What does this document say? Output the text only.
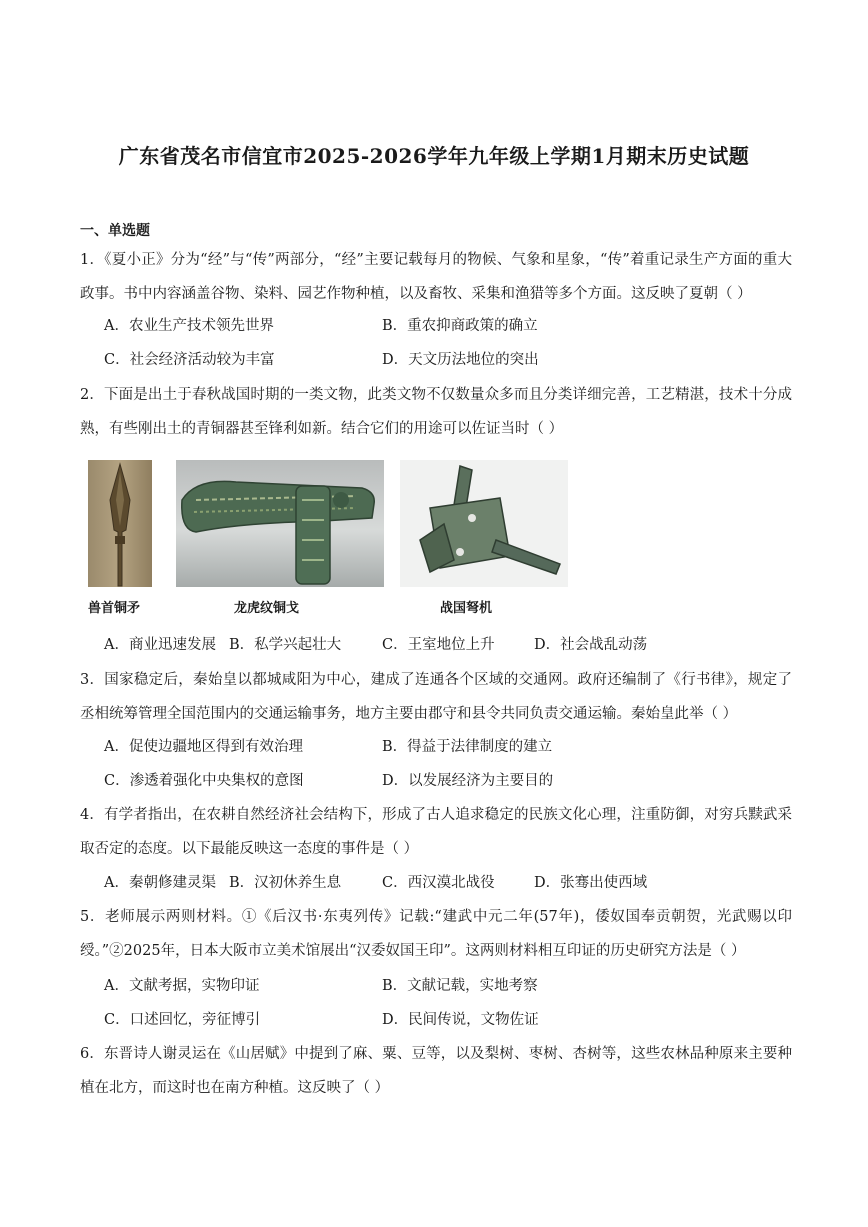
广东省茂名市信宜市2025-2026学年九年级上学期1月期末历史试题
一、单选题
1．《夏小正》分为“经”与“传”两部分，“经”主要记载每月的物候、气象和星象，“传”着重记录生产方面的重大政事。书中内容涵盖谷物、染料、园艺作物种植，以及畜牧、采集和渔猎等多个方面。这反映了夏朝（ ）
A．农业生产技术领先世界	B．重农抑商政策的确立
C．社会经济活动较为丰富	D．天文历法地位的突出
2．下面是出土于春秋战国时期的一类文物，此类文物不仅数量众多而且分类详细完善，工艺精湛，技术十分成熟，有些刚出土的青铜器甚至锋利如新。结合它们的用途可以佐证当时（ ）
兽首铜矛	龙虎纹铜戈	战国弩机
A．商业迅速发展 B．私学兴起壮大	C．王室地位上升	D．社会战乱动荡
3．国家稳定后，秦始皇以都城咸阳为中心，建成了连通各个区域的交通网。政府还编制了《行书律》，规定了丞相统筹管理全国范围内的交通运输事务，地方主要由郡守和县令共同负责交通运输。秦始皇此举（ ）
A．促使边疆地区得到有效治理	B．得益于法律制度的建立
C．渗透着强化中央集权的意图	D．以发展经济为主要目的
4．有学者指出，在农耕自然经济社会结构下，形成了古人追求稳定的民族文化心理，注重防御，对穷兵黩武采取否定的态度。以下最能反映这一态度的事件是（ ）
A．秦朝修建灵渠 B．汉初休养生息	C．西汉漠北战役	D．张骞出使西域
5．老师展示两则材料。①《后汉书·东夷列传》记载:“建武中元二年(57年)，倭奴国奉贡朝贺，光武赐以印绶。”②2025年，日本大阪市立美术馆展出“汉委奴国王印”。这两则材料相互印证的历史研究方法是（ ）
A．文献考据，实物印证	B．文献记载，实地考察
C．口述回忆，旁征博引	D．民间传说，文物佐证
6．东晋诗人谢灵运在《山居赋》中提到了麻、粟、豆等，以及梨树、枣树、杏树等，这些农林品种原来主要种植在北方，而这时也在南方种植。这反映了（ ）
